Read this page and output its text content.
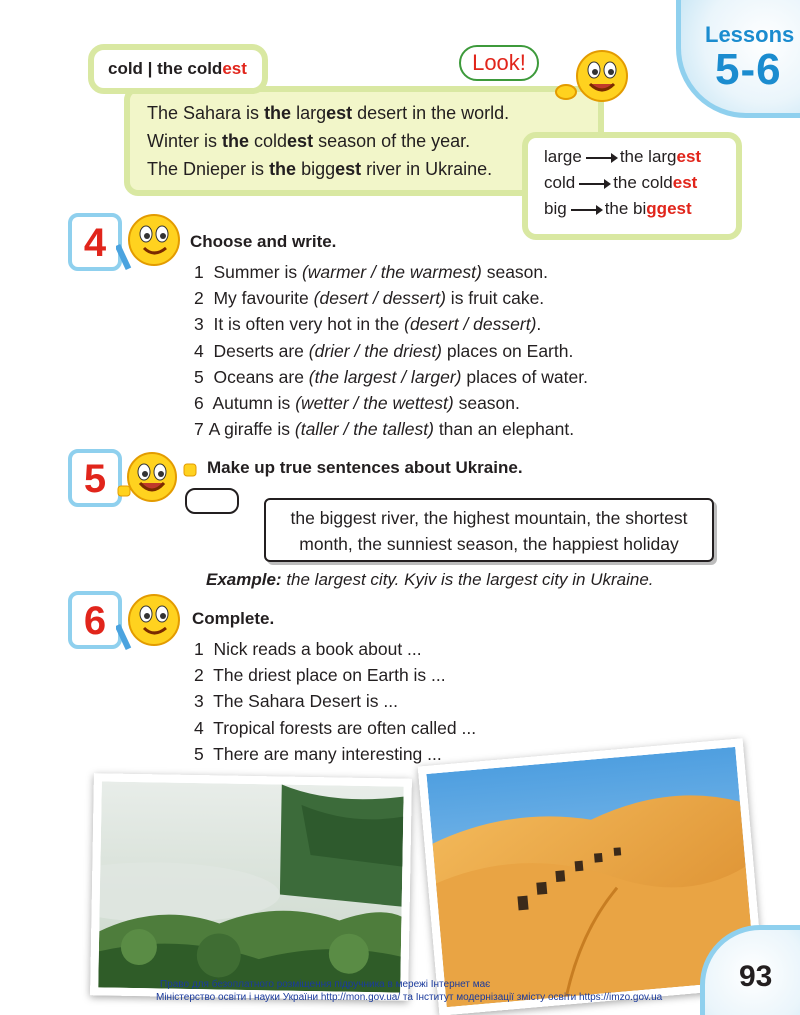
Lessons
5-6
cold | the cold est
The Sahara is the largest desert in the world.
Winter is the coldest season of the year.
The Dnieper is the biggest river in Ukraine.
Look!
large the largest
cold the coldest
big the biggest
4	Choose and write.
1 Summer is (warmer / the warmest) season.
2 My favourite (desert / dessert) is fruit cake.
3 It is often very hot in the (desert / dessert).
4 Deserts are (drier / the driest) places on Earth.
5 Oceans are (the largest / larger) places of water.
6 Autumn is (wetter / the wettest) season.
7 A giraffe is (taller / the tallest) than an elephant.
5	Make up true sentences about Ukraine.
the biggest river, the highest mountain, the shortest
month, the sunniest season, the happiest holiday
Example: the largest city. Kyiv is the largest city in Ukraine.
6	Complete.
1 Nick reads a book about ...
2 The driest place on Earth is ...
3 The Sahara Desert is ...
4 Tropical forests are often called ...
5 There are many interesting ...
93
Право для безоплатного розміщення підручника в мережі Інтернет має
Міністерство освіти і науки України http://mon.gov.ua/ та Інститут модернізації змісту освіти https://imzo.gov.ua
